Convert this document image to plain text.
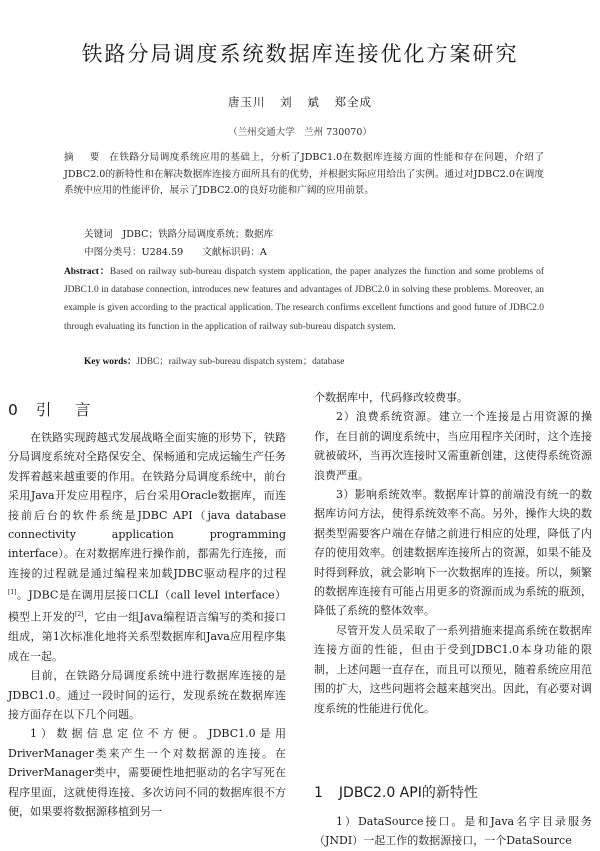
铁路分局调度系统数据库连接优化方案研究
唐玉川 刘 斌 郑全成
（兰州交通大学　兰州 730070）
摘 要 在铁路分局调度系统应用的基础上，分析了JDBC1.0在数据库连接方面的性能和存在问题，介绍了JDBC2.0的新特性和在解决数据库连接方面所具有的优势，并根据实际应用给出了实例。通过对JDBC2.0在调度系统中应用的性能评价，展示了JDBC2.0的良好功能和广阔的应用前景。
关键词　JDBC；铁路分局调度系统；数据库
中图分类号：U284.59 文献标识码：A
Abstract：Based on railway sub-bureau dispatch system application, the paper analyzes the function and some problems of JDBC1.0 in database connection, introduces new features and advantages of JDBC2.0 in solving these problems. Moreover, an example is given according to the practical application. The research confirms excellent functions and good future of JDBC2.0 through evaluating its function in the application of railway sub-bureau dispatch system.
Key words：JDBC；railway sub-bureau dispatch system；database
0 引　言

在铁路实现跨越式发展战略全面实施的形势下，铁路分局调度系统对全路保安全、保畅通和完成运输生产任务发挥着越来越重要的作用。在铁路分局调度系统中，前台采用Java开发应用程序，后台采用Oracle数据库，而连接前后台的软件系统是JDBC API（java database connectivity application programming interface）。在对数据库进行操作前，都需先行连接，而连接的过程就是通过编程来加载JDBC驱动程序的过程[1]。JDBC是在调用层接口CLI（call level interface）模型上开发的[2]，它由一组Java编程语言编写的类和接口组成，第1次标准化地将关系型数据库和Java应用程序集成在一起。

目前，在铁路分局调度系统中进行数据库连接的是JDBC1.0。通过一段时间的运行，发现系统在数据库连接方面存在以下几个问题。

1）数据信息定位不方便。JDBC1.0是用DriverManager类来产生一个对数据源的连接。在DriverManager类中，需要硬性地把驱动的名字写死在程序里面，这就使得连接、多次访问不同的数据库很不方便，如果要将数据源移植到另一

个数据库中，代码修改较费事。

2）浪费系统资源。建立一个连接是占用资源的操作，在目前的调度系统中，当应用程序关闭时，这个连接就被破坏，当再次连接时又需重新创建，这使得系统资源浪费严重。

3）影响系统效率。数据库计算的前端没有统一的数据库访问方法，使得系统效率不高。另外，操作大块的数据类型需要客户端在存储之前进行相应的处理，降低了内存的使用效率。创建数据库连接所占的资源，如果不能及时得到释放，就会影响下一次数据库的连接。所以，频繁的数据库连接有可能占用更多的资源而成为系统的瓶颈，降低了系统的整体效率。

尽管开发人员采取了一系列措施来提高系统在数据库连接方面的性能，但由于受到JDBC1.0本身功能的限制，上述问题一直存在，而且可以预见，随着系统应用范围的扩大，这些问题将会越来越突出。因此，有必要对调度系统的性能进行优化。

1 JDBC2.0 API的新特性

1）DataSource接口。是和Java名字目录服务（JNDI）一起工作的数据源接口，一个DataSource
